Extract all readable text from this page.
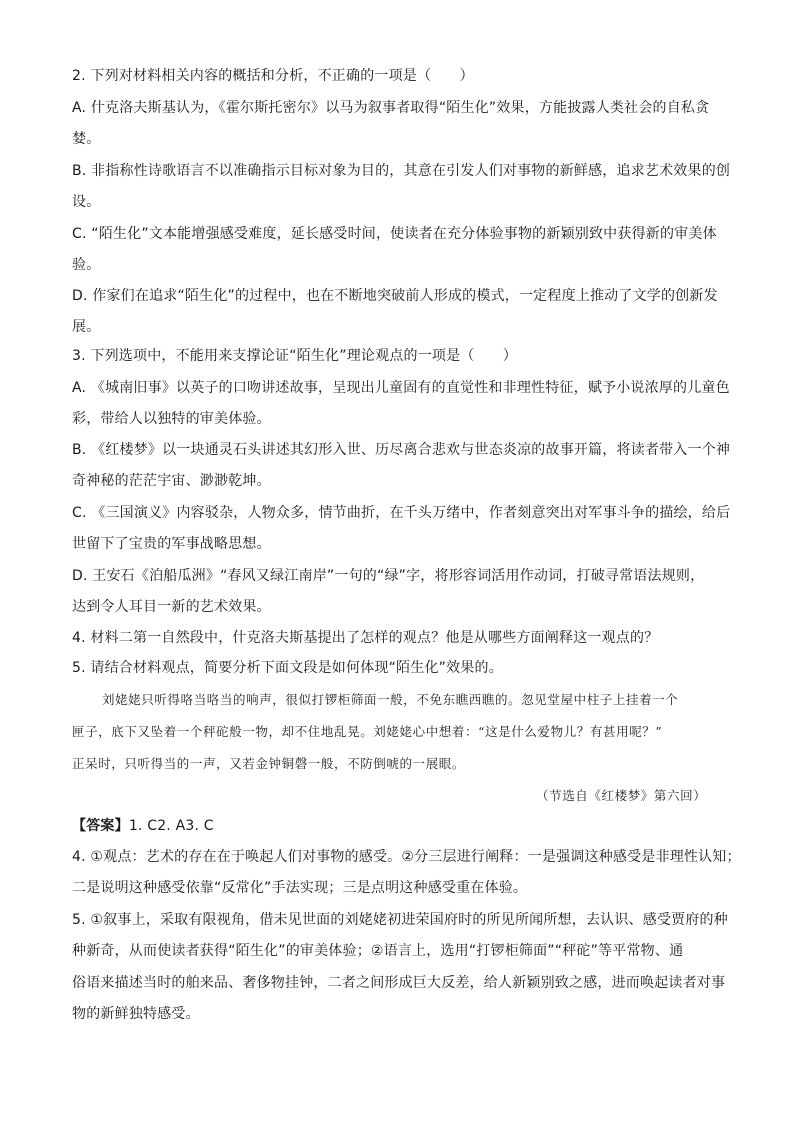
2. 下列对材料相关内容的概括和分析，不正确的一项是（　　）
A. 什克洛夫斯基认为，《霍尔斯托密尔》以马为叙事者取得“陌生化”效果，方能披露人类社会的自私贪
婪。
B. 非指称性诗歌语言不以准确指示目标对象为目的，其意在引发人们对事物的新鲜感，追求艺术效果的创
设。
C. “陌生化”文本能增强感受难度，延长感受时间，使读者在充分体验事物的新颖别致中获得新的审美体
验。
D. 作家们在追求“陌生化”的过程中，也在不断地突破前人形成的模式，一定程度上推动了文学的创新发
展。
3. 下列选项中，不能用来支撑论证“陌生化”理论观点的一项是（　　）
A. 《城南旧事》以英子的口吻讲述故事，呈现出儿童固有的直觉性和非理性特征，赋予小说浓厚的儿童色
彩，带给人以独特的审美体验。
B. 《红楼梦》以一块通灵石头讲述其幻形入世、历尽离合悲欢与世态炎凉的故事开篇，将读者带入一个神
奇神秘的茫茫宇宙、渺渺乾坤。
C. 《三国演义》内容驳杂，人物众多，情节曲折，在千头万绪中，作者刻意突出对军事斗争的描绘，给后
世留下了宝贵的军事战略思想。
D. 王安石《泊船瓜洲》“春风又绿江南岸”一句的“绿”字，将形容词活用作动词，打破寻常语法规则，
达到令人耳目一新的艺术效果。
4. 材料二第一自然段中，什克洛夫斯基提出了怎样的观点？他是从哪些方面阐释这一观点的？
5. 请结合材料观点，简要分析下面文段是如何体现“陌生化”效果的。
刘姥姥只听得咯当咯当的响声，很似打锣柜筛面一般，不免东瞧西瞧的。忽见堂屋中柱子上挂着一个
匣子，底下又坠着一个秤砣般一物，却不住地乱晃。刘姥姥心中想着：“这是什么爱物儿？有甚用呢？”
正呆时，只听得当的一声，又若金钟铜磬一般，不防倒唬的一展眼。
（节选自《红楼梦》第六回）
【答案】1. C2. A3. C
4. ①观点：艺术的存在在于唤起人们对事物的感受。②分三层进行阐释：一是强调这种感受是非理性认知；
二是说明这种感受依靠“反常化”手法实现；三是点明这种感受重在体验。
5. ①叙事上，采取有限视角，借未见世面的刘姥姥初进荣国府时的所见所闻所想，去认识、感受贾府的种
种新奇，从而使读者获得“陌生化”的审美体验；②语言上，选用“打锣柜筛面”“秤砣”等平常物、通
俗语来描述当时的舶来品、奢侈物挂钟，二者之间形成巨大反差，给人新颖别致之感，进而唤起读者对事
物的新鲜独特感受。
